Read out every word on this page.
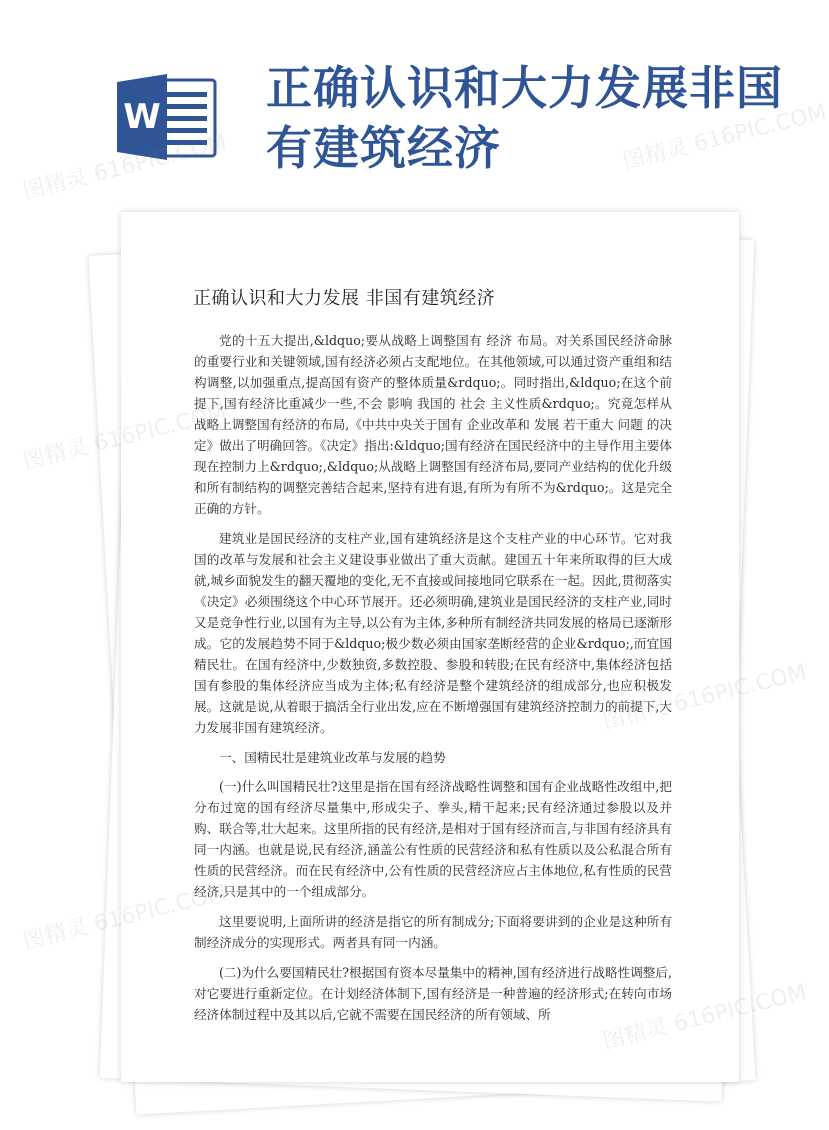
W
正确认识和大力发展非国有建筑经济
正确认识和大力发展 非国有建筑经济

党的十五大提出,&ldquo;要从战略上调整国有 经济 布局。对关系国民经济命脉的重要行业和关键领域,国有经济必须占支配地位。在其他领域,可以通过资产重组和结构调整,以加强重点,提高国有资产的整体质量&rdquo;。同时指出,&ldquo;在这个前提下,国有经济比重减少一些,不会 影响 我国的 社会 主义性质&rdquo;。究竟怎样从战略上调整国有经济的布局,《中共中央关于国有 企业改革和 发展 若干重大 问题 的决定》做出了明确回答。《决定》指出:&ldquo;国有经济在国民经济中的主导作用主要体现在控制力上&rdquo;,&ldquo;从战略上调整国有经济布局,要同产业结构的优化升级和所有制结构的调整完善结合起来,坚持有进有退,有所为有所不为&rdquo;。这是完全正确的方针。

建筑业是国民经济的支柱产业,国有建筑经济是这个支柱产业的中心环节。它对我国的改革与发展和社会主义建设事业做出了重大贡献。建国五十年来所取得的巨大成就,城乡面貌发生的翻天覆地的变化,无不直接或间接地同它联系在一起。因此,贯彻落实《决定》必须围绕这个中心环节展开。还必须明确,建筑业是国民经济的支柱产业,同时又是竞争性行业,以国有为主导,以公有为主体,多种所有制经济共同发展的格局已逐渐形成。它的发展趋势不同于&ldquo;极少数必须由国家垄断经营的企业&rdquo;,而宜国精民壮。在国有经济中,少数独资,多数控股、参股和转股;在民有经济中,集体经济包括国有参股的集体经济应当成为主体;私有经济是整个建筑经济的组成部分,也应积极发展。这就是说,从着眼于搞活全行业出发,应在不断增强国有建筑经济控制力的前提下,大力发展非国有建筑经济。

一、国精民壮是建筑业改革与发展的趋势

(一)什么叫国精民壮?这里是指在国有经济战略性调整和国有企业战略性改组中,把分布过宽的国有经济尽量集中,形成尖子、拳头,精干起来;民有经济通过参股以及并购、联合等,壮大起来。这里所指的民有经济,是相对于国有经济而言,与非国有经济具有同一内涵。也就是说,民有经济,涵盖公有性质的民营经济和私有性质以及公私混合所有性质的民营经济。而在民有经济中,公有性质的民营经济应占主体地位,私有性质的民营经济,只是其中的一个组成部分。

这里要说明,上面所讲的经济是指它的所有制成分;下面将要讲到的企业是这种所有制经济成分的实现形式。两者具有同一内涵。

(二)为什么要国精民壮?根据国有资本尽量集中的精神,国有经济进行战略性调整后,对它要进行重新定位。在计划经济体制下,国有经济是一种普遍的经济形式;在转向市场经济体制过程中及其以后,它就不需要在国民经济的所有领域、所

图精灵 616PIC.COM	图精灵 616PIC.COM
图精灵
616PIC.COM
图精灵
